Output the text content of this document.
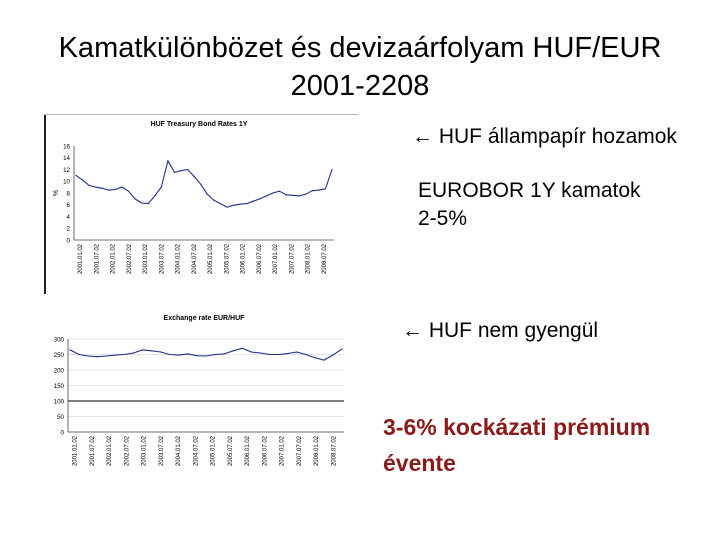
Kamatkülönbözet és devizaárfolyam HUF/EUR
2001-2208
HUF Treasury Bond Rates 1Y
%
0
2
4
6
8
10
12
14
16
2001.01.02 2001.07.02 2002.01.02 2002.07.02 2003.01.02 2003.07.02 2004.01.02 2004.07.02 2005.01.02 2005.07.02 2006.01.02 2006.07.02 2007.01.02 2007.07.02 2008.01.02 2008.07.02
Exchange rate EUR/HUF
0
50
100
150
200
250
300
2001.01.02 2001.07.02 2002.01.02 2002.07.02 2003.01.02 2003.07.02 2004.01.02 2004.07.02 2005.01.02 2005.07.02 2006.01.02 2006.07.02 2007.01.02 2007.07.02 2008.01.02 2008.07.02
← HUF állampapír hozamok
EUROBOR 1Y kamatok
2-5%
← HUF nem gyengül
3-6% kockázati prémium
évente
